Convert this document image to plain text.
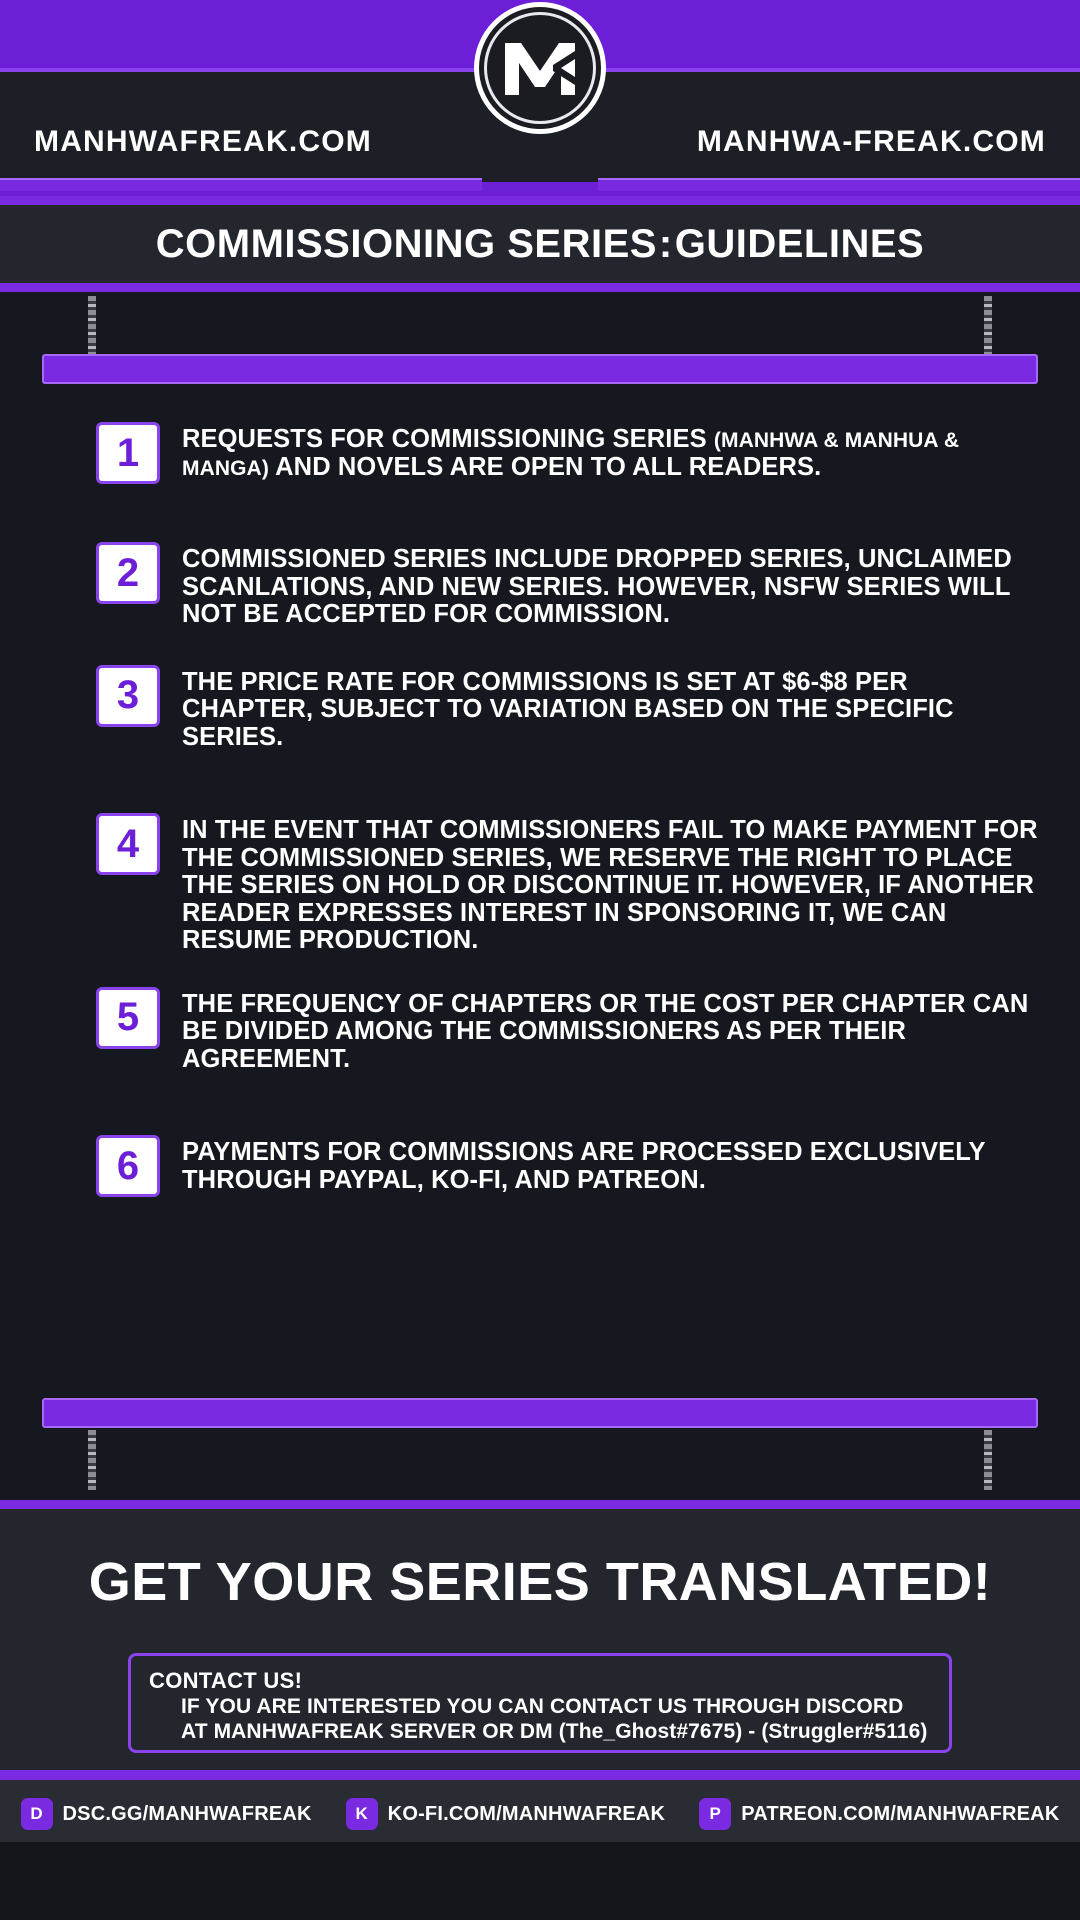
MANHWAFREAK.COM	MANHWA-FREAK.COM
COMMISSIONING SERIES:GUIDELINES
1	REQUESTS FOR COMMISSIONING SERIES (MANHWA & MANHUA & MANGA) AND NOVELS ARE OPEN TO ALL READERS.
2	COMMISSIONED SERIES INCLUDE DROPPED SERIES, UNCLAIMED SCANLATIONS, AND NEW SERIES. HOWEVER, NSFW SERIES WILL NOT BE ACCEPTED FOR COMMISSION.
3	THE PRICE RATE FOR COMMISSIONS IS SET AT $6-$8 PER CHAPTER, SUBJECT TO VARIATION BASED ON THE SPECIFIC SERIES.
4	IN THE EVENT THAT COMMISSIONERS FAIL TO MAKE PAYMENT FOR THE COMMISSIONED SERIES, WE RESERVE THE RIGHT TO PLACE THE SERIES ON HOLD OR DISCONTINUE IT. HOWEVER, IF ANOTHER READER EXPRESSES INTEREST IN SPONSORING IT, WE CAN RESUME PRODUCTION.
5	THE FREQUENCY OF CHAPTERS OR THE COST PER CHAPTER CAN BE DIVIDED AMONG THE COMMISSIONERS AS PER THEIR AGREEMENT.
6	PAYMENTS FOR COMMISSIONS ARE PROCESSED EXCLUSIVELY THROUGH PAYPAL, KO-FI, AND PATREON.
GET YOUR SERIES TRANSLATED!
CONTACT US!
IF YOU ARE INTERESTED YOU CAN CONTACT US THROUGH DISCORD
AT MANHWAFREAK SERVER OR DM (The_Ghost#7675) - (Struggler#5116)
D DSC.GG/MANHWAFREAK	K KO-FI.COM/MANHWAFREAK	P	PATREON.COM/MANHWAFREAK
